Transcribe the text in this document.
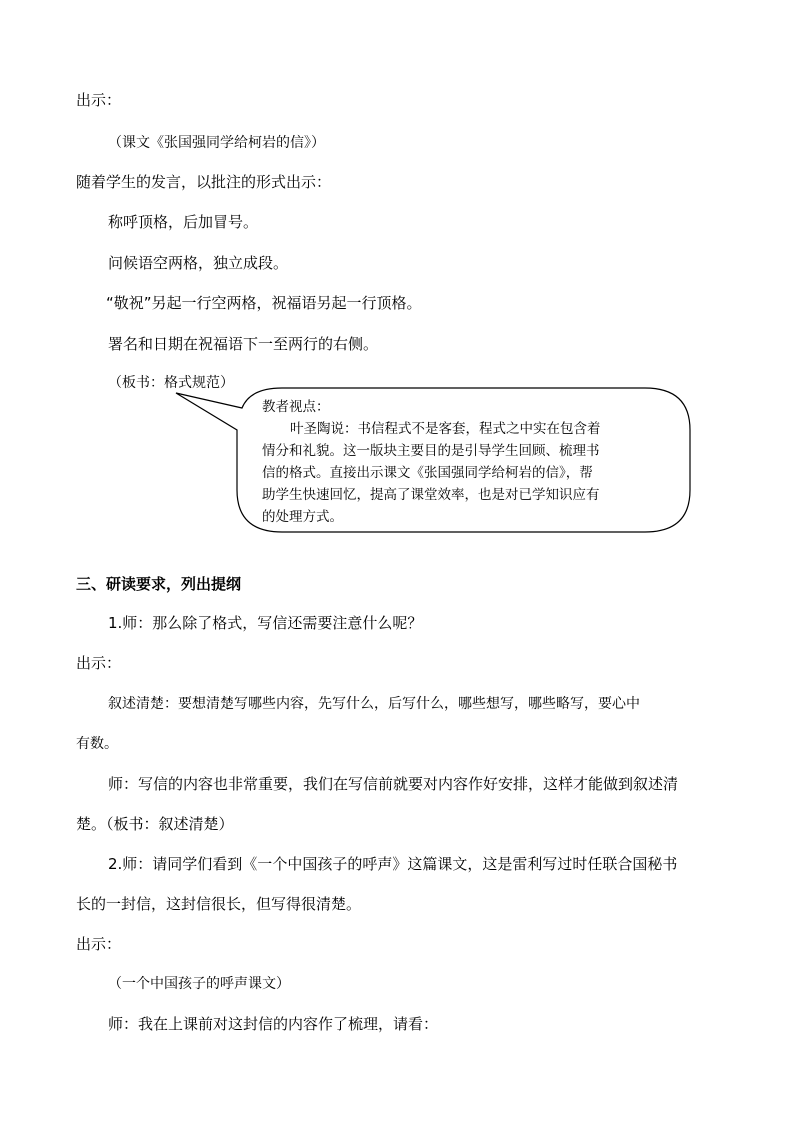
出示：
（课文《张国强同学给柯岩的信》）
随着学生的发言，以批注的形式出示：
称呼顶格，后加冒号。
问候语空两格，独立成段。
“敬祝”另起一行空两格，祝福语另起一行顶格。
署名和日期在祝福语下一至两行的右侧。
（板书：格式规范）
教者视点：
叶圣陶说：书信程式不是客套，程式之中实在包含着
情分和礼貌。这一版块主要目的是引导学生回顾、梳理书
信的格式。直接出示课文《张国强同学给柯岩的信》，帮
助学生快速回忆，提高了课堂效率，也是对已学知识应有
的处理方式。
三、研读要求，列出提纲
1.师：那么除了格式，写信还需要注意什么呢？
出示：
叙述清楚：要想清楚写哪些内容，先写什么，后写什么，哪些想写，哪些略写，要心中
有数。
师：写信的内容也非常重要，我们在写信前就要对内容作好安排，这样才能做到叙述清
楚。（板书：叙述清楚）
2.师：请同学们看到《一个中国孩子的呼声》这篇课文，这是雷利写过时任联合国秘书
长的一封信，这封信很长，但写得很清楚。
出示：
（一个中国孩子的呼声课文）
师：我在上课前对这封信的内容作了梳理，请看：
